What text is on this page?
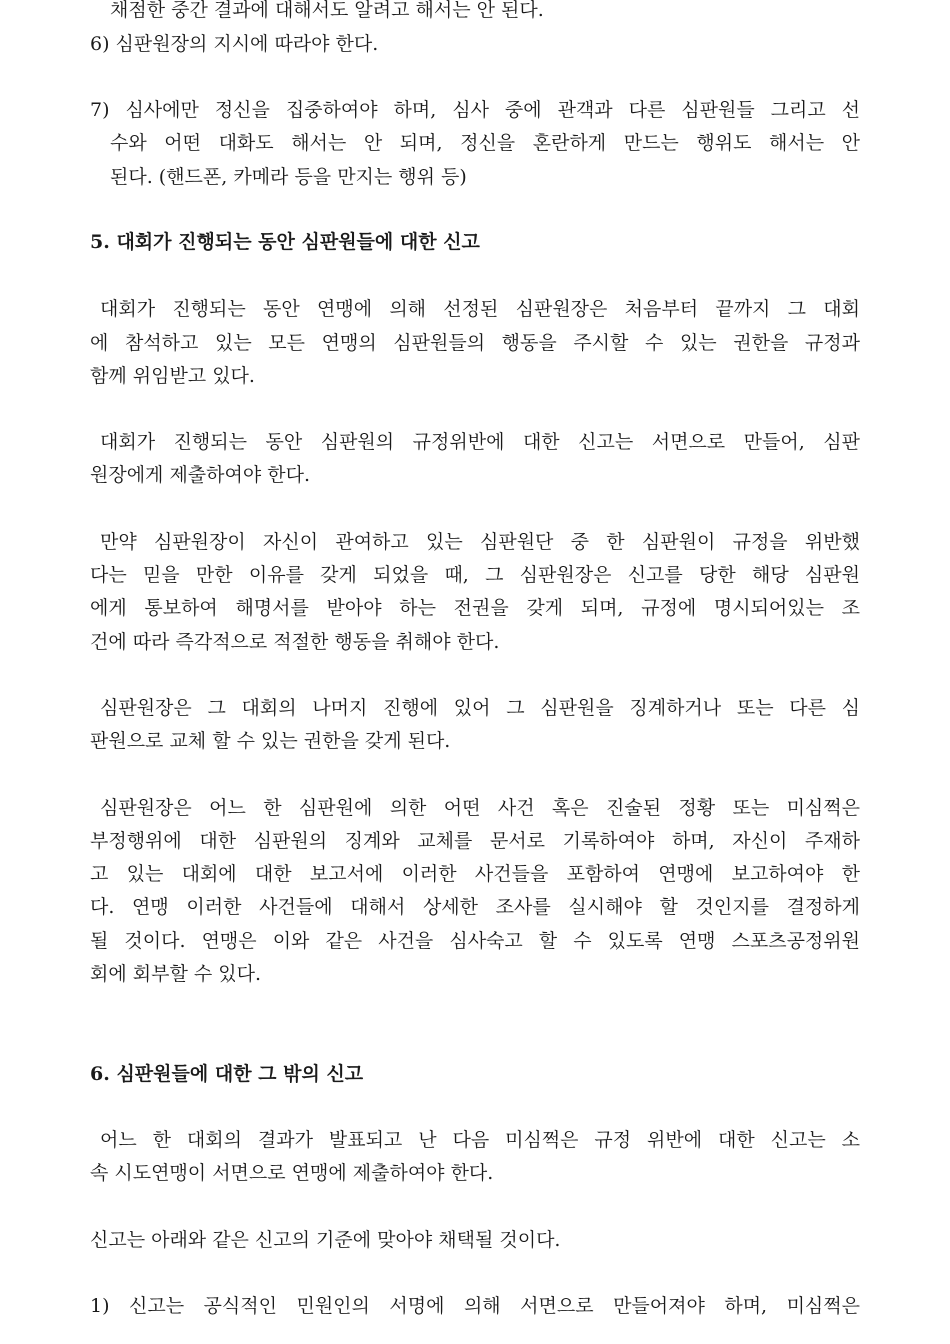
채점한 중간 결과에 대해서도 알려고 해서는 안 된다.
6) 심판원장의 지시에 따라야 한다.
7) 심사에만 정신을 집중하여야 하며, 심사 중에 관객과 다른 심판원들 그리고 선
수와 어떤 대화도 해서는 안 되며, 정신을 혼란하게 만드는 행위도 해서는 안
된다. (핸드폰, 카메라 등을 만지는 행위 등)
5. 대회가 진행되는 동안 심판원들에 대한 신고
대회가 진행되는 동안 연맹에 의해 선정된 심판원장은 처음부터 끝까지 그 대회
에 참석하고 있는 모든 연맹의 심판원들의 행동을 주시할 수 있는 권한을 규정과
함께 위임받고 있다.
대회가 진행되는 동안 심판원의 규정위반에 대한 신고는 서면으로 만들어, 심판
원장에게 제출하여야 한다.
만약 심판원장이 자신이 관여하고 있는 심판원단 중 한 심판원이 규정을 위반했
다는 믿을 만한 이유를 갖게 되었을 때, 그 심판원장은 신고를 당한 해당 심판원
에게 통보하여 해명서를 받아야 하는 전권을 갖게 되며, 규정에 명시되어있는 조
건에 따라 즉각적으로 적절한 행동을 취해야 한다.
심판원장은 그 대회의 나머지 진행에 있어 그 심판원을 징계하거나 또는 다른 심
판원으로 교체 할 수 있는 권한을 갖게 된다.
심판원장은 어느 한 심판원에 의한 어떤 사건 혹은 진술된 정황 또는 미심쩍은
부정행위에 대한 심판원의 징계와 교체를 문서로 기록하여야 하며, 자신이 주재하
고 있는 대회에 대한 보고서에 이러한 사건들을 포함하여 연맹에 보고하여야 한
다. 연맹 이러한 사건들에 대해서 상세한 조사를 실시해야 할 것인지를 결정하게
될 것이다. 연맹은 이와 같은 사건을 심사숙고 할 수 있도록 연맹 스포츠공정위원
회에 회부할 수 있다.
6. 심판원들에 대한 그 밖의 신고
어느 한 대회의 결과가 발표되고 난 다음 미심쩍은 규정 위반에 대한 신고는 소
속 시도연맹이 서면으로 연맹에 제출하여야 한다.
신고는 아래와 같은 신고의 기준에 맞아야 채택될 것이다.
1) 신고는 공식적인 민원인의 서명에 의해 서면으로 만들어져야 하며, 미심쩍은
